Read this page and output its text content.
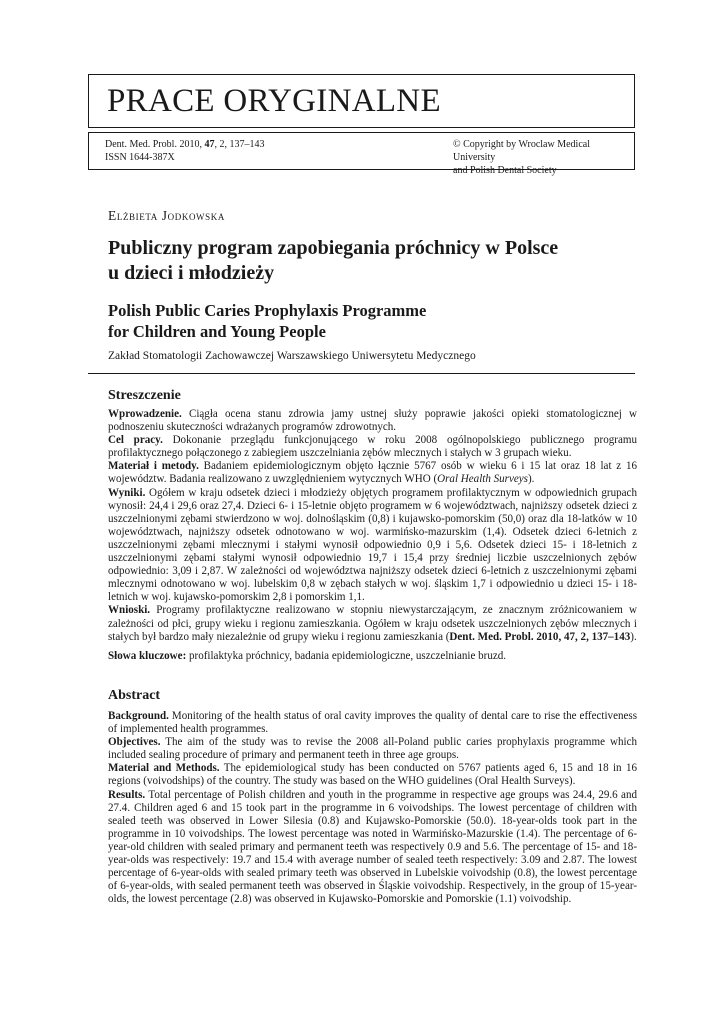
PRACE ORYGINALNE
Dent. Med. Probl. 2010, 47, 2, 137–143
ISSN 1644-387X
© Copyright by Wroclaw Medical University
and Polish Dental Society
Elżbieta Jodkowska
Publiczny program zapobiegania próchnicy w Polsce
u dzieci i młodzieży
Polish Public Caries Prophylaxis Programme
for Children and Young People
Zakład Stomatologii Zachowawczej Warszawskiego Uniwersytetu Medycznego
Streszczenie

Wprowadzenie. Ciągła ocena stanu zdrowia jamy ustnej służy poprawie jakości opieki stomatologicznej w podnoszeniu skuteczności wdrażanych programów zdrowotnych.

Cel pracy. Dokonanie przeglądu funkcjonującego w roku 2008 ogólnopolskiego publicznego programu profilaktycznego połączonego z zabiegiem uszczelniania zębów mlecznych i stałych w 3 grupach wieku.

Materiał i metody. Badaniem epidemiologicznym objęto łącznie 5767 osób w wieku 6 i 15 lat oraz 18 lat z 16 województw. Badania realizowano z uwzględnieniem wytycznych WHO (Oral Health Surveys).

Wyniki. Ogółem w kraju odsetek dzieci i młodzieży objętych programem profilaktycznym w odpowiednich grupach wynosił: 24,4 i 29,6 oraz 27,4. Dzieci 6- i 15-letnie objęto programem w 6 województwach, najniższy odsetek dzieci z uszczelnionymi zębami stwierdzono w woj. dolnośląskim (0,8) i kujawsko-pomorskim (50,0) oraz dla 18-latków w 10 województwach, najniższy odsetek odnotowano w woj. warmińsko-mazurskim (1,4). Odsetek dzieci 6-letnich z uszczelnionymi zębami mlecznymi i stałymi wynosił odpowiednio 0,9 i 5,6. Odsetek dzieci 15- i 18-letnich z uszczelnionymi zębami stałymi wynosił odpowiednio 19,7 i 15,4 przy średniej liczbie uszczelnionych zębów odpowiednio: 3,09 i 2,87. W zależności od województwa najniższy odsetek dzieci 6-letnich z uszczelnionymi zębami mlecznymi odnotowano w woj. lubelskim 0,8 w zębach stałych w woj. śląskim 1,7 i odpowiednio u dzieci 15- i 18-letnich w woj. kujawsko-pomorskim 2,8 i pomorskim 1,1.

Wnioski. Programy profilaktyczne realizowano w stopniu niewystarczającym, ze znacznym zróżnicowaniem w zależności od płci, grupy wieku i regionu zamieszkania. Ogółem w kraju odsetek uszczelnionych zębów mlecznych i stałych był bardzo mały niezależnie od grupy wieku i regionu zamieszkania (Dent. Med. Probl. 2010, 47, 2, 137–143).

Słowa kluczowe: profilaktyka próchnicy, badania epidemiologiczne, uszczelnianie bruzd.

Abstract

Background. Monitoring of the health status of oral cavity improves the quality of dental care to rise the effectiveness of implemented health programmes.

Objectives. The aim of the study was to revise the 2008 all-Poland public caries prophylaxis programme which included sealing procedure of primary and permanent teeth in three age groups.

Material and Methods. The epidemiological study has been conducted on 5767 patients aged 6, 15 and 18 in 16 regions (voivodships) of the country. The study was based on the WHO guidelines (Oral Health Surveys).

Results. Total percentage of Polish children and youth in the programme in respective age groups was 24.4, 29.6 and 27.4. Children aged 6 and 15 took part in the programme in 6 voivodships. The lowest percentage of children with sealed teeth was observed in Lower Silesia (0.8) and Kujawsko-Pomorskie (50.0). 18-year-olds took part in the programme in 10 voivodships. The lowest percentage was noted in Warmińsko-Mazurskie (1.4). The percentage of 6-year-old children with sealed primary and permanent teeth was respectively 0.9 and 5.6. The percentage of 15- and 18-year-olds was respectively: 19.7 and 15.4 with average number of sealed teeth respectively: 3.09 and 2.87. The lowest percentage of 6-year-olds with sealed primary teeth was observed in Lubelskie voivodship (0.8), the lowest percentage of 6-year-olds, with sealed permanent teeth was observed in Śląskie voivodship. Respectively, in the group of 15-year-olds, the lowest percentage (2.8) was observed in Kujawsko-Pomorskie and Pomorskie (1.1) voivodship.
